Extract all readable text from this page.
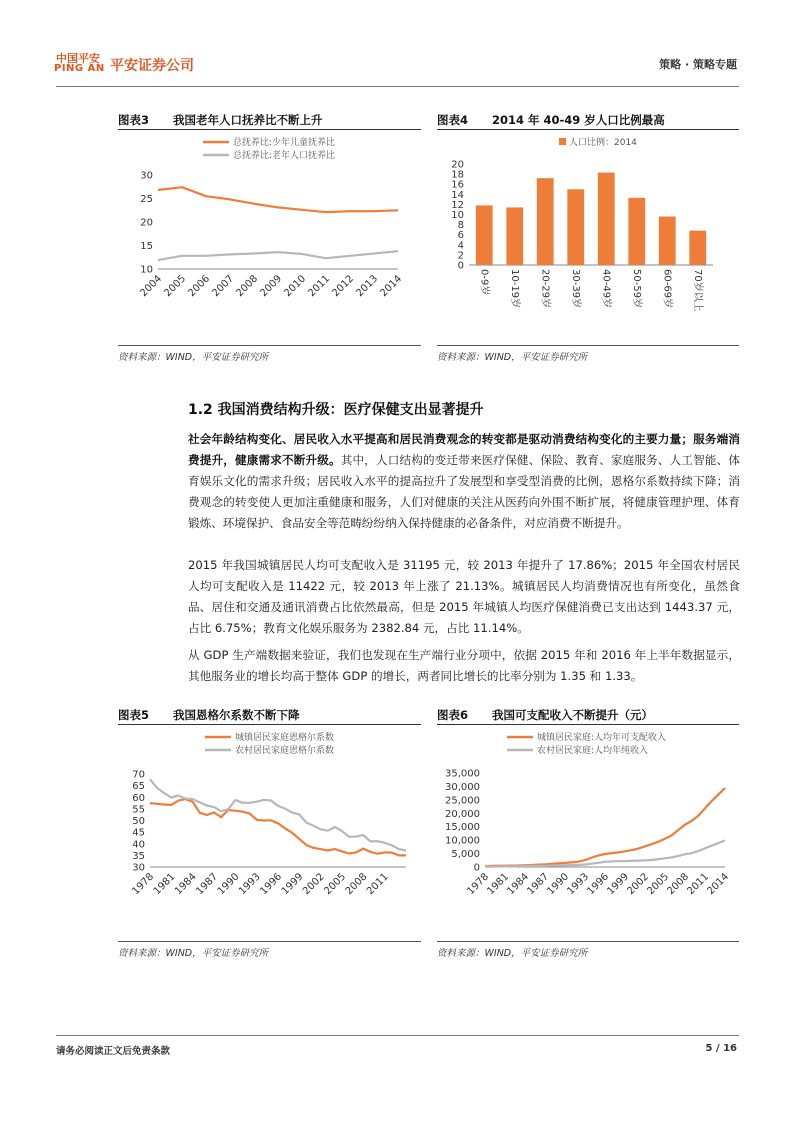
中国平安
PING AN 平安证券公司	策略 · 策略专题
图表3 我国老年人口抚养比不断上升
总抚养比:少年儿童抚养比
总抚养比:老年人口抚养比
30
25
20
15
10
2004
2005
2006
2007
2008
2009
2010
2011
2012
2013
2014
资料来源：WIND，平安证券研究所
图表4 2014 年 40-49 岁人口比例最高
人口比例：2014
20
18
16
14
12
10
8
6
4
2
0
0-9岁 10-19岁 20-29岁 30-39岁 40-49岁 50-59岁 60-69岁 70岁以上
资料来源：WIND，平安证券研究所
1.2 我国消费结构升级：医疗保健支出显著提升
社会年龄结构变化、居民收入水平提高和居民消费观念的转变都是驱动消费结构变化的主要力量；服务端消费提升，健康需求不断升级。其中，人口结构的变迁带来医疗保健、保险、教育、家庭服务、人工智能、体育娱乐文化的需求升级；居民收入水平的提高拉升了发展型和享受型消费的比例，恩格尔系数持续下降；消费观念的转变使人更加注重健康和服务，人们对健康的关注从医药向外围不断扩展，将健康管理护理、体育锻炼、环境保护、食品安全等范畴纷纷纳入保持健康的必备条件，对应消费不断提升。
2015 年我国城镇居民人均可支配收入是 31195 元，较 2013 年提升了 17.86%；2015 年全国农村居民人均可支配收入是 11422 元，较 2013 年上涨了 21.13%。城镇居民人均消费情况也有所变化，虽然食品、居住和交通及通讯消费占比依然最高，但是 2015 年城镇人均医疗保健消费已支出达到 1443.37 元，占比 6.75%；教育文化娱乐服务为 2382.84 元，占比 11.14%。
从 GDP 生产端数据来验证，我们也发现在生产端行业分项中，依据 2015 年和 2016 年上半年数据显示，其他服务业的增长均高于整体 GDP 的增长，两者同比增长的比率分别为 1.35 和 1.33。
图表5 我国恩格尔系数不断下降
城镇居民家庭恩格尔系数
农村居民家庭恩格尔系数
70
65
60
55
50
45
40
35
30
1978
1981
1984
1987
1990
1993
1996
1999
2002
2005
2008
2011
资料来源：WIND，平安证券研究所
图表6 我国可支配收入不断提升（元）
城镇居民家庭:人均年可支配收入
农村居民家庭:人均年纯收入
35,000
30,000
25,000
20,000
15,000
10,000
5,000
0
1978
1981
1984
1987
1990
1993
1996
1999
2002
2005
2008
2011
2014
资料来源：WIND，平安证券研究所
请务必阅读正文后免责条款	5 / 16
